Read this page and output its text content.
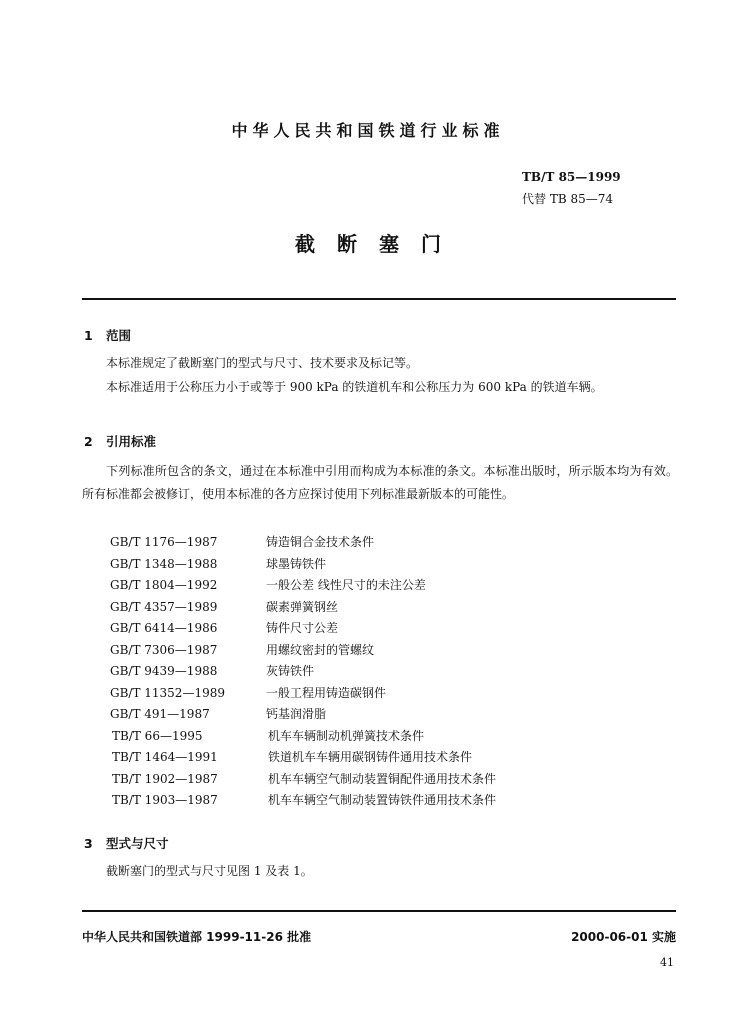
中华人民共和国铁道行业标准
TB/T 85—1999
代替 TB 85—74
截断塞门
1 范围
本标准规定了截断塞门的型式与尺寸、技术要求及标记等。
本标准适用于公称压力小于或等于 900 kPa 的铁道机车和公称压力为 600 kPa 的铁道车辆。
2 引用标准
下列标准所包含的条文，通过在本标准中引用而构成为本标准的条文。本标准出版时，所示版本均为有效。所有标准都会被修订，使用本标准的各方应探讨使用下列标准最新版本的可能性。
GB/T 1176—1987	铸造铜合金技术条件
GB/T 1348—1988	球墨铸铁件
GB/T 1804—1992	一般公差 线性尺寸的未注公差
GB/T 4357—1989	碳素弹簧钢丝
GB/T 6414—1986	铸件尺寸公差
GB/T 7306—1987	用螺纹密封的管螺纹
GB/T 9439—1988	灰铸铁件
GB/T 11352—1989	一般工程用铸造碳钢件
GB/T 491—1987	钙基润滑脂
TB/T 66—1995	机车车辆制动机弹簧技术条件
TB/T 1464—1991	铁道机车车辆用碳钢铸件通用技术条件
TB/T 1902—1987	机车车辆空气制动装置铜配件通用技术条件
TB/T 1903—1987	机车车辆空气制动装置铸铁件通用技术条件
3 型式与尺寸
截断塞门的型式与尺寸见图 1 及表 1。
中华人民共和国铁道部 1999-11-26 批准	2000-06-01 实施
41
